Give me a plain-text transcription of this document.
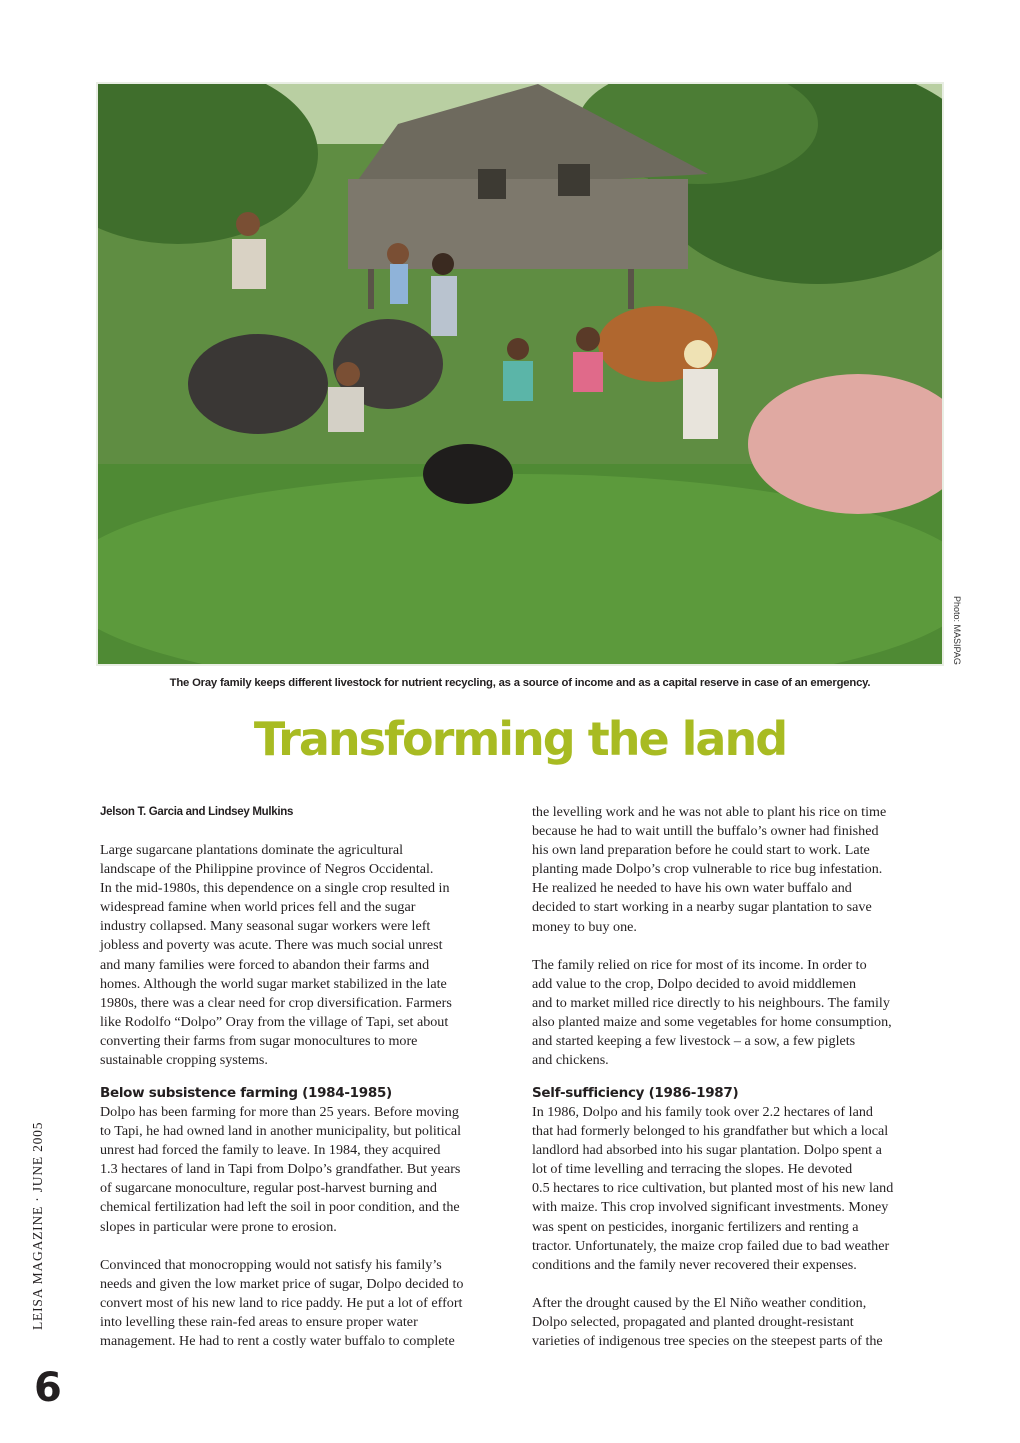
Photo: MASIPAG
The Oray family keeps different livestock for nutrient recycling, as a source of income and as a capital reserve in case of an emergency.
Transforming the land
Jelson T. Garcia and Lindsey Mulkins

Large sugarcane plantations dominate the agricultural

landscape of the Philippine province of Negros Occidental.

In the mid-1980s, this dependence on a single crop resulted in

widespread famine when world prices fell and the sugar

industry collapsed. Many seasonal sugar workers were left

jobless and poverty was acute. There was much social unrest

and many families were forced to abandon their farms and

homes. Although the world sugar market stabilized in the late

1980s, there was a clear need for crop diversification. Farmers

like Rodolfo “Dolpo” Oray from the village of Tapi, set about

converting their farms from sugar monocultures to more

sustainable cropping systems.

Below subsistence farming (1984-1985)

Dolpo has been farming for more than 25 years. Before moving

to Tapi, he had owned land in another municipality, but political

unrest had forced the family to leave. In 1984, they acquired

1.3 hectares of land in Tapi from Dolpo’s grandfather. But years

of sugarcane monoculture, regular post-harvest burning and

chemical fertilization had left the soil in poor condition, and the

slopes in particular were prone to erosion.

Convinced that monocropping would not satisfy his family’s

needs and given the low market price of sugar, Dolpo decided to

convert most of his new land to rice paddy. He put a lot of effort

into levelling these rain-fed areas to ensure proper water

management. He had to rent a costly water buffalo to complete

the levelling work and he was not able to plant his rice on time

because he had to wait untill the buffalo’s owner had finished

his own land preparation before he could start to work. Late

planting made Dolpo’s crop vulnerable to rice bug infestation.

He realized he needed to have his own water buffalo and

decided to start working in a nearby sugar plantation to save

money to buy one.

The family relied on rice for most of its income. In order to

add value to the crop, Dolpo decided to avoid middlemen

and to market milled rice directly to his neighbours. The family

also planted maize and some vegetables for home consumption,

and started keeping a few livestock – a sow, a few piglets

and chickens.

Self-sufficiency (1986-1987)

In 1986, Dolpo and his family took over 2.2 hectares of land

that had formerly belonged to his grandfather but which a local

landlord had absorbed into his sugar plantation. Dolpo spent a

lot of time levelling and terracing the slopes. He devoted

0.5 hectares to rice cultivation, but planted most of his new land

with maize. This crop involved significant investments. Money

was spent on pesticides, inorganic fertilizers and renting a

tractor. Unfortunately, the maize crop failed due to bad weather

conditions and the family never recovered their expenses.

After the drought caused by the El Niño weather condition,

Dolpo selected, propagated and planted drought-resistant

varieties of indigenous tree species on the steepest parts of the

LEISA MAGAZINE · JUNE 2005
6
